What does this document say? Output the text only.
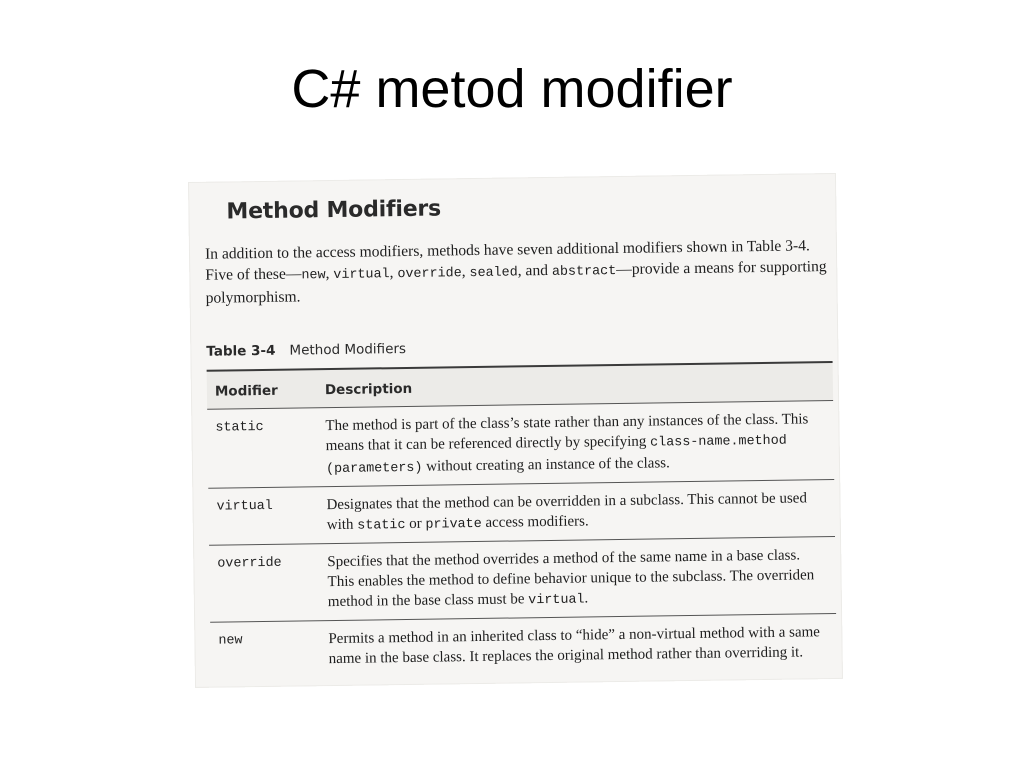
C# metod modifier
Method Modifiers
In addition to the access modifiers, methods have seven additional modifiers shown in Table 3-4. Five of these—new, virtual, override, sealed, and abstract—provide a means for supporting polymorphism.
Table 3-4 Method Modifiers
Modifier	Description
static	The method is part of the class’s state rather than any instances of the class. This means that it can be referenced directly by specifying class-name.method (parameters) without creating an instance of the class.
virtual	Designates that the method can be overridden in a subclass. This cannot be used with static or private access modifiers.
override	Specifies that the method overrides a method of the same name in a base class. This enables the method to define behavior unique to the subclass. The overriden method in the base class must be virtual.
new	Permits a method in an inherited class to “hide” a non-virtual method with a same name in the base class. It replaces the original method rather than overriding it.
